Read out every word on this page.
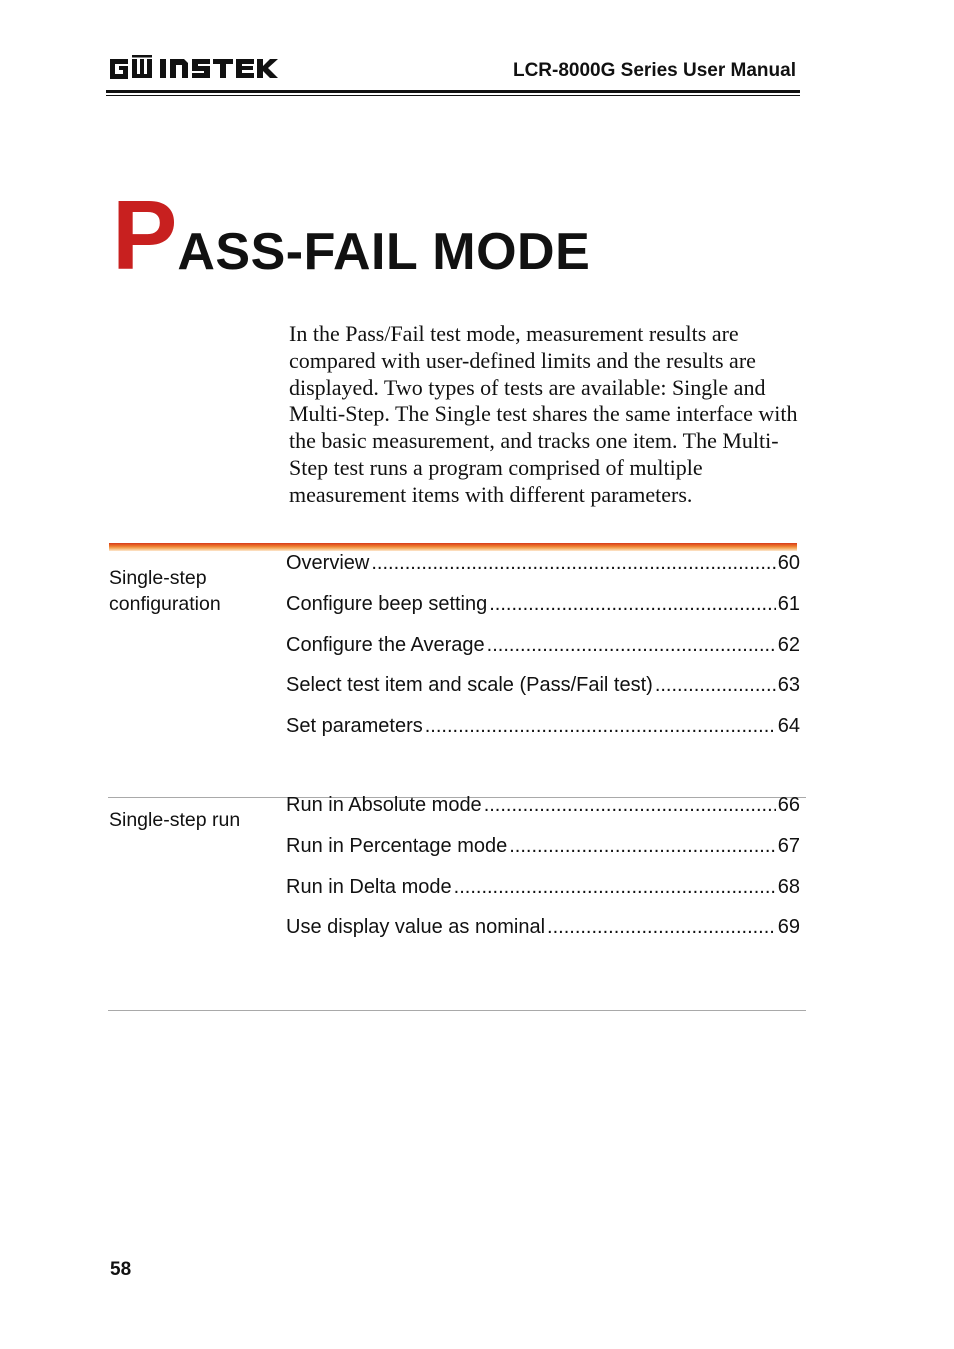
LCR-8000G Series User Manual
PASS-FAIL MODE

In the Pass/Fail test mode, measurement results are compared with user-defined limits and the results are displayed. Two types of tests are available: Single and Multi-Step. The Single test shares the same interface with the basic measurement, and tracks one item. The Multi-Step test runs a program comprised of multiple measurement items with different parameters.

Single-step configuration
Overview .....	60
Configure beep setting .....	61
Configure the Average .....	62
Select test item and scale (Pass/Fail test) .....	63
Set parameters .....	64
Single-step run
Run in Absolute mode .....	66
Run in Percentage mode .....	67
Run in Delta mode .....	68
Use display value as nominal .....	69
58
